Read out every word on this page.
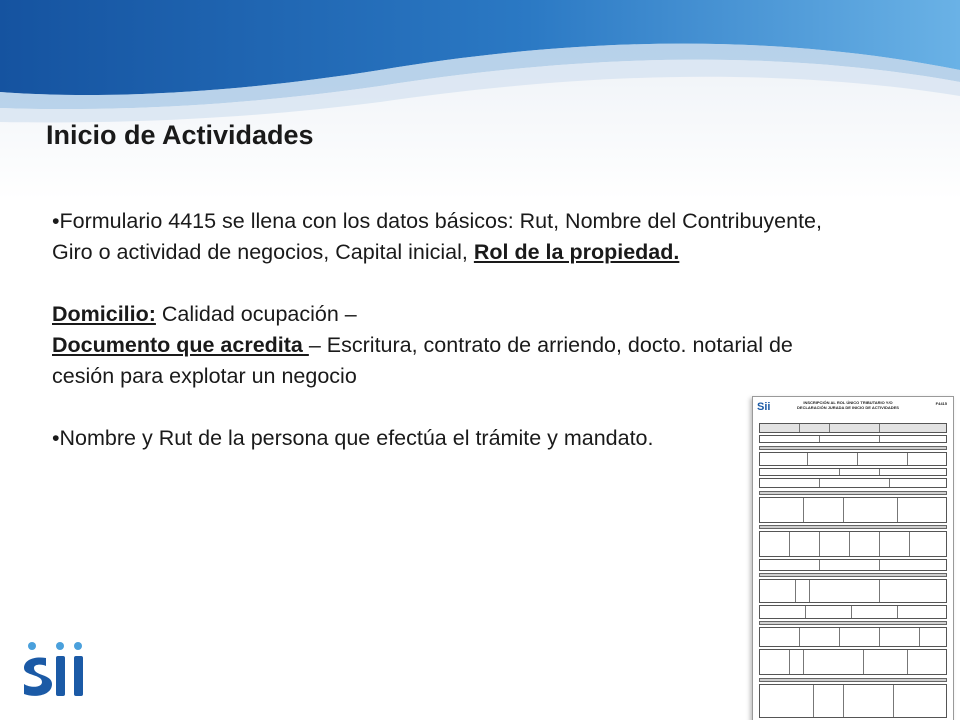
Inicio de Actividades

•Formulario 4415 se llena con los datos básicos: Rut, Nombre del Contribuyente, Giro o actividad de negocios, Capital inicial, Rol de la propiedad.

Domicilio: Calidad ocupación –

Documento que acredita – Escritura, contrato de arriendo, docto. notarial de cesión para explotar un negocio

•Nombre y Rut de la persona que efectúa el trámite y mandato.

Sii	INSCRIPCIÓN AL ROL ÚNICO TRIBUTARIO Y/O DECLARACIÓN JURADA DE INICIO DE ACTIVIDADES
F4415
